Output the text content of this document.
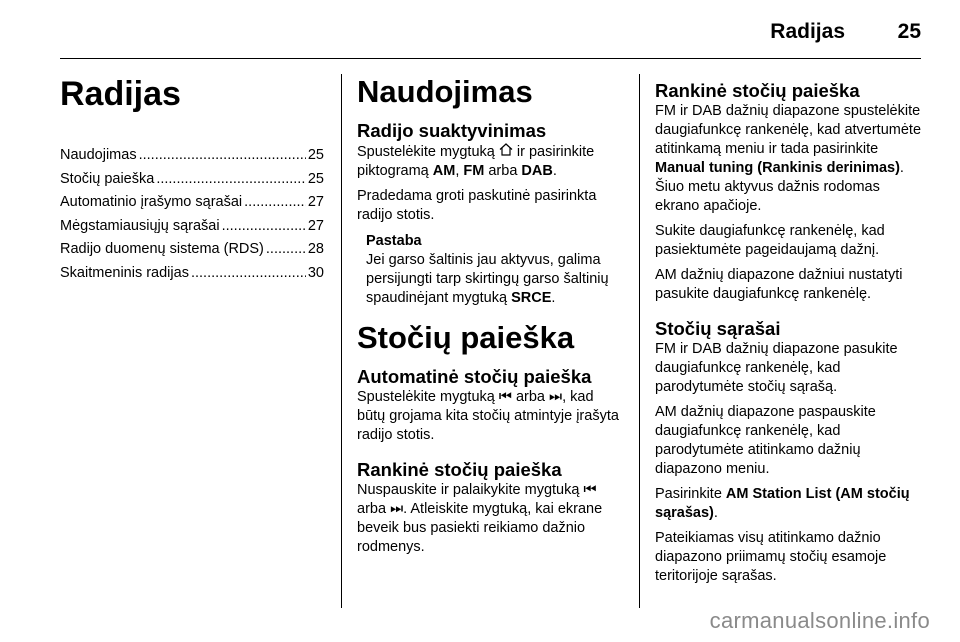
Radijas	25
Radijas
Naudojimas .....	25
Stočių paieška .....	25
Automatinio įrašymo sąrašai .....	27
Mėgstamiausiųjų sąrašai .....	27
Radijo duomenų sistema (RDS) .....	28
Skaitmeninis radijas .....	30
Naudojimas
Radijo suaktyvinimas

Spustelėkite mygtuką ir pasirinkite piktogramą AM, FM arba DAB.

Pradedama groti paskutinė pasirinkta radijo stotis.

Pastaba

Jei garso šaltinis jau aktyvus, galima persijungti tarp skirtingų garso šaltinių spaudinėjant mygtuką SRCE.

Stočių paieška
Automatinė stočių paieška

Spustelėkite mygtuką ⏮ arba ⏭, kad būtų grojama kita stočių atmintyje įrašyta radijo stotis.

Rankinė stočių paieška

Nuspauskite ir palaikykite mygtuką ⏮ arba ⏭. Atleiskite mygtuką, kai ekrane beveik bus pasiekti reikiamo dažnio rodmenys.

Rankinė stočių paieška

FM ir DAB dažnių diapazone spustelėkite daugiafunkcę rankenėlę, kad atvertumėte atitinkamą meniu ir tada pasirinkite Manual tuning (Rankinis derinimas). Šiuo metu aktyvus dažnis rodomas ekrano apačioje.

Sukite daugiafunkcę rankenėlę, kad pasiektumėte pageidaujamą dažnį.

AM dažnių diapazone dažniui nustatyti pasukite daugiafunkcę rankenėlę.

Stočių sąrašai

FM ir DAB dažnių diapazone pasukite daugiafunkcę rankenėlę, kad parodytumėte stočių sąrašą.

AM dažnių diapazone paspauskite daugiafunkcę rankenėlę, kad parodytumėte atitinkamo dažnių diapazono meniu.

Pasirinkite AM Station List (AM stočių sąrašas).

Pateikiamas visų atitinkamo dažnio diapazono priimamų stočių esamoje teritorijoje sąrašas.

carmanualsonline.info
